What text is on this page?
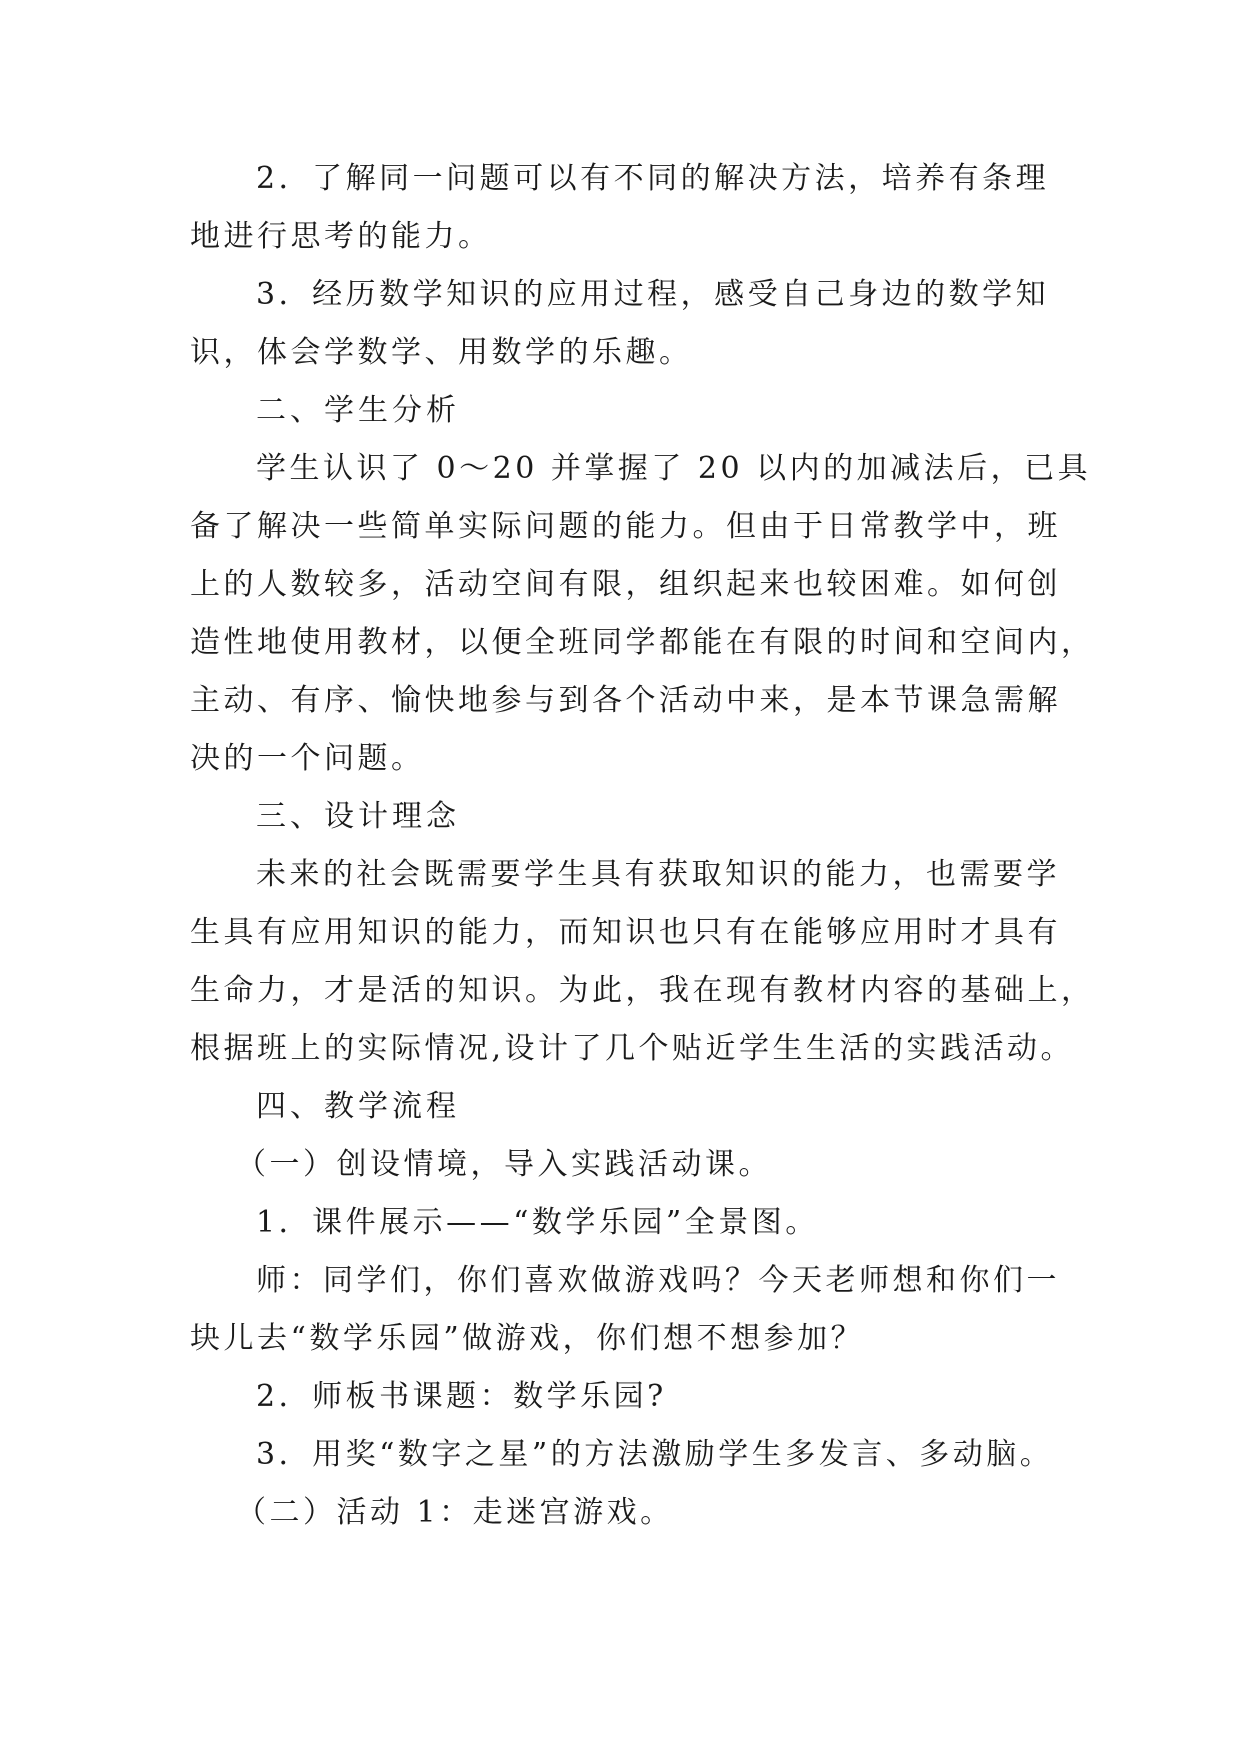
2．了解同一问题可以有不同的解决方法，培养有条理
地进行思考的能力。
3．经历数学知识的应用过程，感受自己身边的数学知
识，体会学数学、用数学的乐趣。
二、学生分析
学生认识了 0～20 并掌握了 20 以内的加减法后，已具
备了解决一些简单实际问题的能力。但由于日常教学中，班
上的人数较多，活动空间有限，组织起来也较困难。如何创
造性地使用教材，以便全班同学都能在有限的时间和空间内，
主动、有序、愉快地参与到各个活动中来，是本节课急需解
决的一个问题。
三、设计理念
未来的社会既需要学生具有获取知识的能力，也需要学
生具有应用知识的能力，而知识也只有在能够应用时才具有
生命力，才是活的知识。为此，我在现有教材内容的基础上，
根据班上的实际情况,设计了几个贴近学生生活的实践活动。
四、教学流程
（一）创设情境，导入实践活动课。
1．课件展示——“数学乐园”全景图。
师：同学们，你们喜欢做游戏吗？今天老师想和你们一
块儿去“数学乐园”做游戏，你们想不想参加？
2．师板书课题：数学乐园?
3．用奖“数字之星”的方法激励学生多发言、多动脑。
（二）活动 1：走迷宫游戏。
